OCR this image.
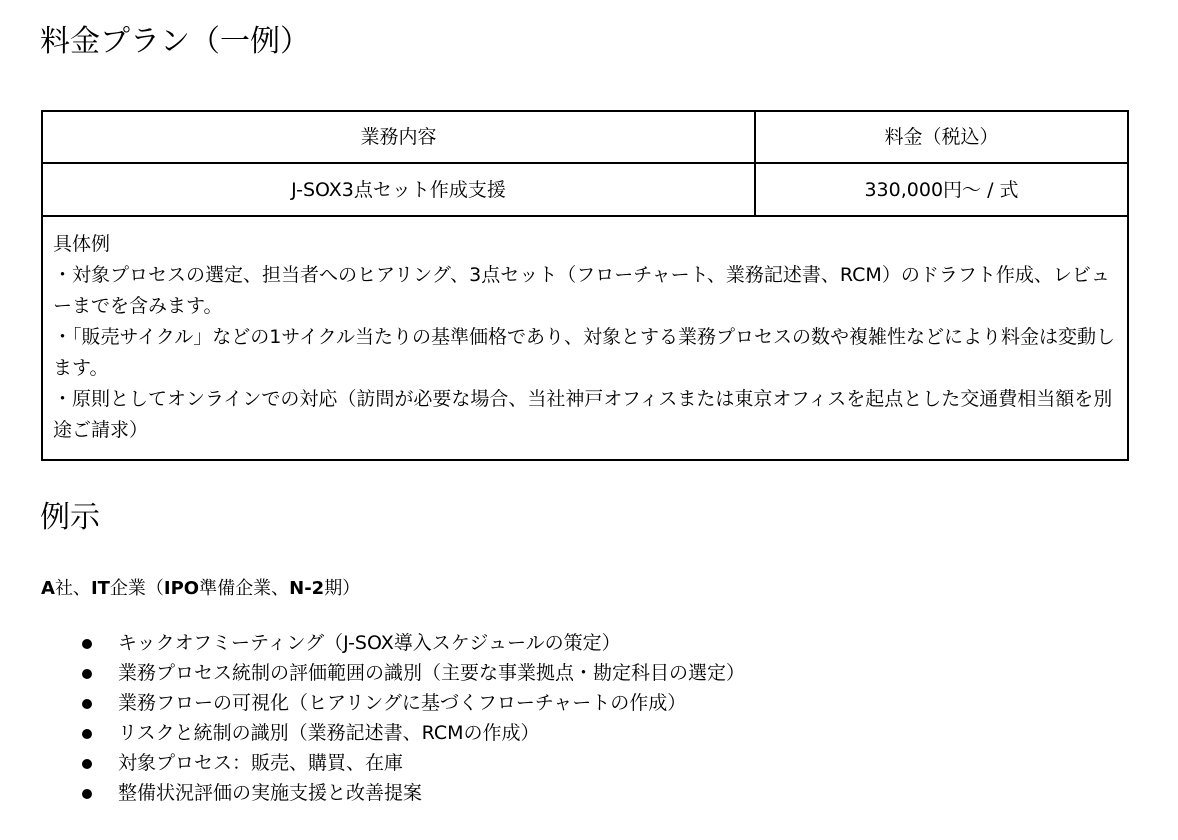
料金プラン（一例）
業務内容	料金（税込）
J-SOX3点セット作成支援	330,000円～ / 式

具体例
・対象プロセスの選定、担当者へのヒアリング、3点セット（フローチャート、業務記述書、RCM）のドラフト作成、レビューまでを含みます。
・「販売サイクル」などの1サイクル当たりの基準価格であり、対象とする業務プロセスの数や複雑性などにより料金は変動します。
・原則としてオンラインでの対応（訪問が必要な場合、当社神戸オフィスまたは東京オフィスを起点とした交通費相当額を別途ご請求）	
例示

A社、IT企業（IPO準備企業、N-2期）

キックオフミーティング（J-SOX導入スケジュールの策定）
業務プロセス統制の評価範囲の識別（主要な事業拠点・勘定科目の選定）
業務フローの可視化（ヒアリングに基づくフローチャートの作成）
リスクと統制の識別（業務記述書、RCMの作成）
対象プロセス：販売、購買、在庫
整備状況評価の実施支援と改善提案
